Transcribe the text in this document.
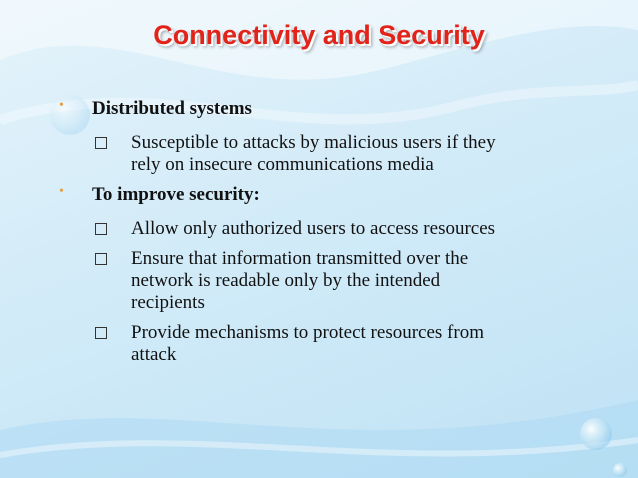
Connectivity and Security
• Distributed systems
Susceptible to attacks by malicious users if they
rely on insecure communications media
• To improve security:
Allow only authorized users to access resources
Ensure that information transmitted over the
network is readable only by the intended
recipients
Provide mechanisms to protect resources from
attack
